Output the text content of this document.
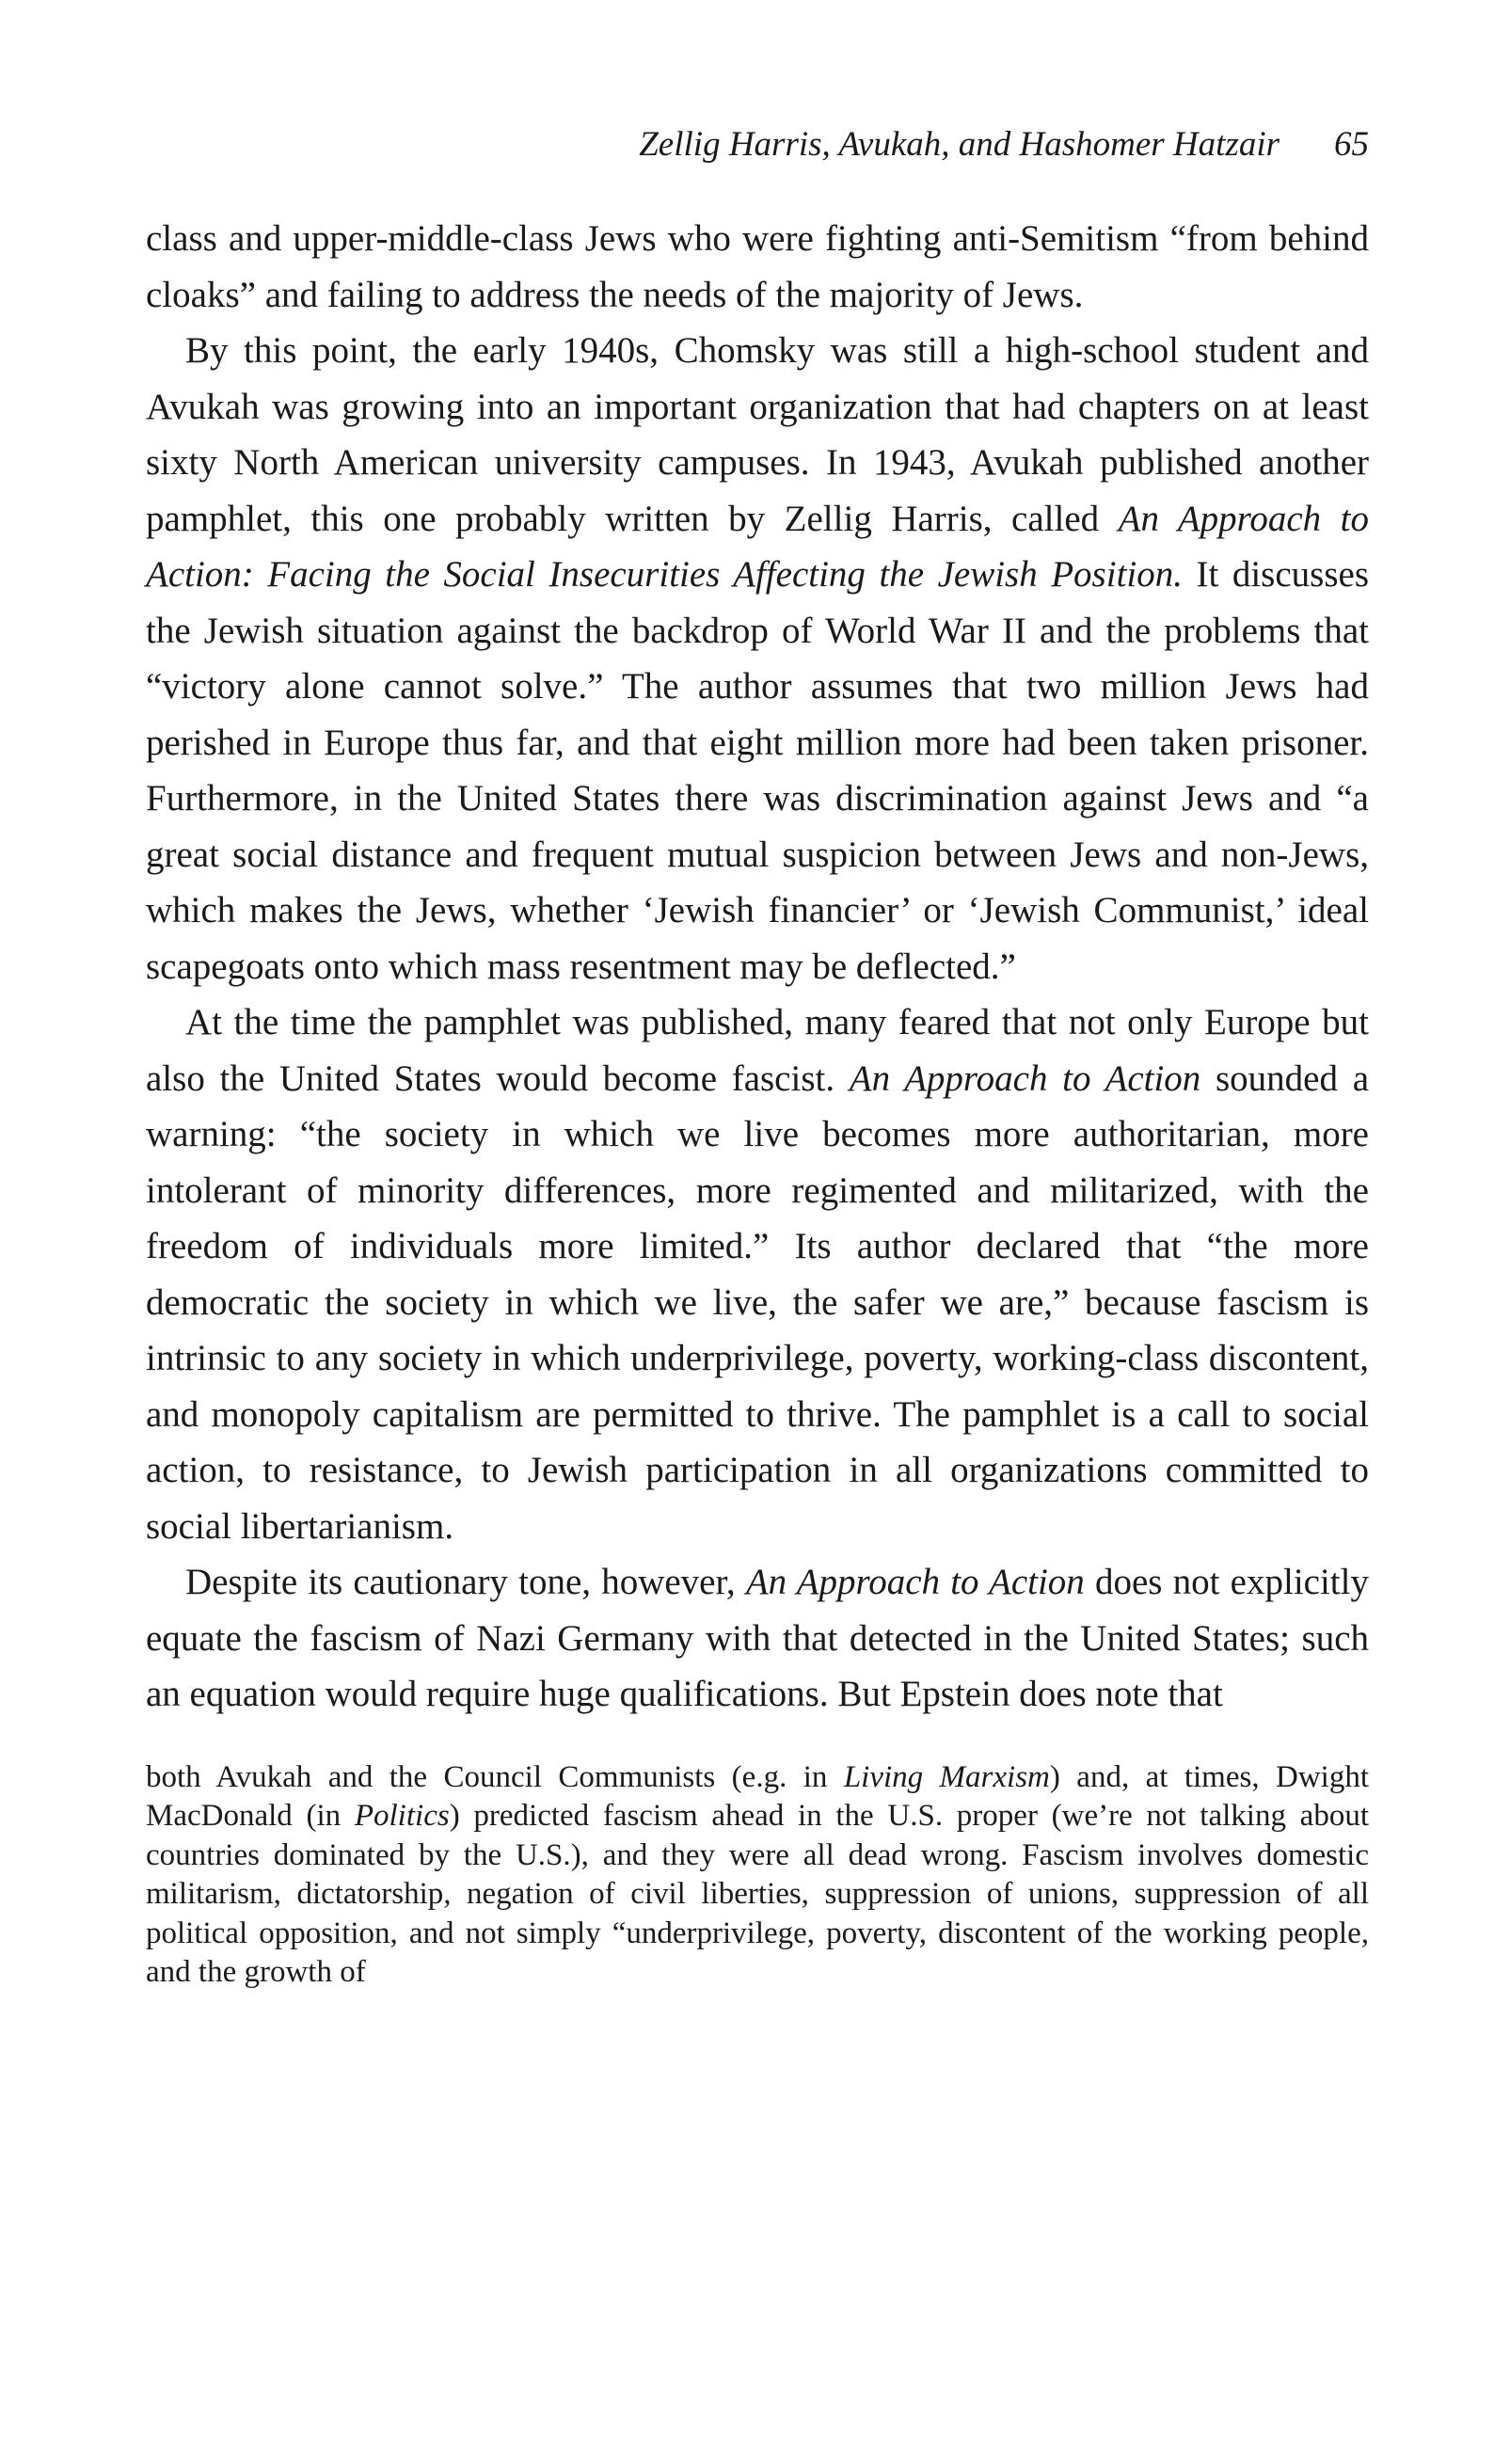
Zellig Harris, Avukah, and Hashomer Hatzair 65

class and upper-middle-class Jews who were fighting anti-Semitism “from behind cloaks” and failing to address the needs of the majority of Jews.

By this point, the early 1940s, Chomsky was still a high-school student and Avukah was growing into an important organization that had chapters on at least sixty North American university campuses. In 1943, Avukah published another pamphlet, this one probably written by Zellig Harris, called An Approach to Action: Facing the Social Insecurities Affecting the Jewish Position. It discusses the Jewish situation against the backdrop of World War II and the problems that “victory alone cannot solve.” The author assumes that two million Jews had perished in Europe thus far, and that eight million more had been taken prisoner. Furthermore, in the United States there was discrimination against Jews and “a great social distance and frequent mutual suspicion between Jews and non-Jews, which makes the Jews, whether ‘Jewish financier’ or ‘Jewish Communist,’ ideal scapegoats onto which mass resentment may be deflected.”

At the time the pamphlet was published, many feared that not only Europe but also the United States would become fascist. An Approach to Action sounded a warning: “the society in which we live becomes more authoritarian, more intolerant of minority differences, more regimented and militarized, with the freedom of individuals more limited.” Its author declared that “the more democratic the society in which we live, the safer we are,” because fascism is intrinsic to any society in which underprivilege, poverty, working-class discontent, and monopoly capitalism are permitted to thrive. The pamphlet is a call to social action, to resistance, to Jewish participation in all organizations committed to social libertarianism.

Despite its cautionary tone, however, An Approach to Action does not explicitly equate the fascism of Nazi Germany with that detected in the United States; such an equation would require huge qualifications. But Epstein does note that

both Avukah and the Council Communists (e.g. in Living Marxism) and, at times, Dwight MacDonald (in Politics) predicted fascism ahead in the U.S. proper (we’re not talking about countries dominated by the U.S.), and they were all dead wrong. Fascism involves domestic militarism, dictatorship, negation of civil liberties, suppression of unions, suppression of all political opposition, and not simply “underprivilege, poverty, discontent of the working people, and the growth of
